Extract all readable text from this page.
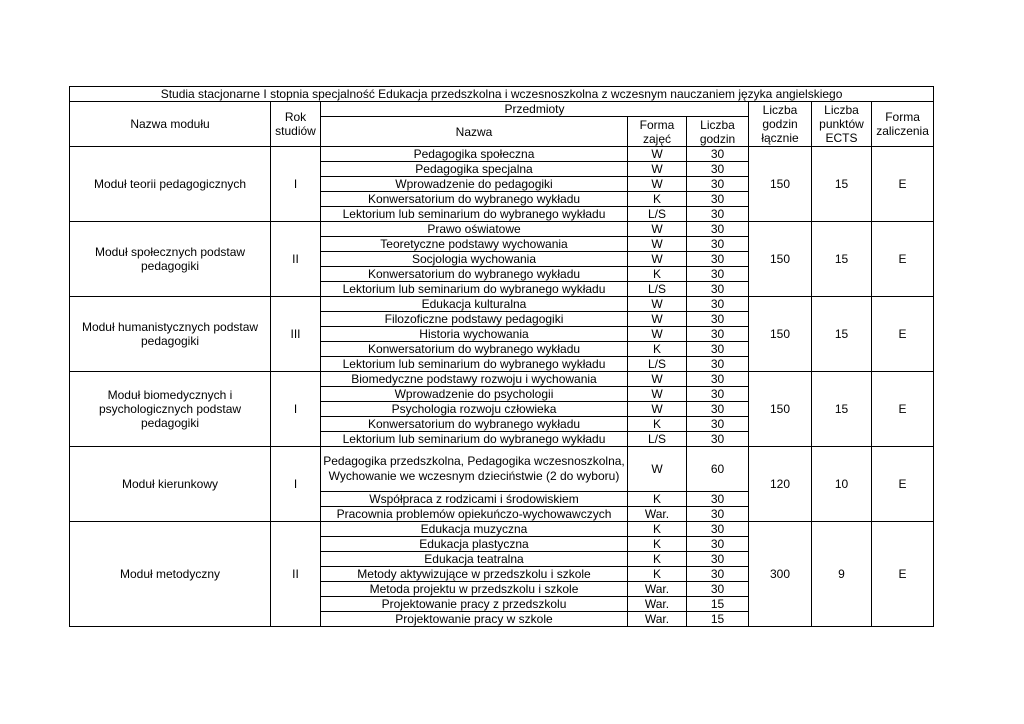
Studia stacjonarne I stopnia specjalność Edukacja przedszkolna i wczesnoszkolna z wczesnym nauczaniem języka angielskiego							
Nazwa modułu	Rok studiów	Przedmioty			Liczba godzin łącznie	Liczba punktów ECTS	Forma zaliczenia
		Nazwa	Forma zajęć	Liczba godzin			

Moduł teorii pedagogicznych	I	Pedagogika społeczna	W	30	150	15	E
		Pedagogika specjalna	W	30			
		Wprowadzenie do pedagogiki	W	30			
		Konwersatorium do wybranego wykładu	K	30			
		Lektorium lub seminarium do wybranego wykładu	L/S	30			
Moduł społecznych podstaw pedagogiki	II	Prawo oświatowe	W	30	150	15	E
		Teoretyczne podstawy wychowania	W	30			
		Socjologia wychowania	W	30			
		Konwersatorium do wybranego wykładu	K	30			
		Lektorium lub seminarium do wybranego wykładu	L/S	30			
Moduł humanistycznych podstaw pedagogiki	III	Edukacja kulturalna	W	30	150	15	E
		Filozoficzne podstawy pedagogiki	W	30			
		Historia wychowania	W	30			
		Konwersatorium do wybranego wykładu	K	30			
		Lektorium lub seminarium do wybranego wykładu	L/S	30			
Moduł biomedycznych i psychologicznych podstaw pedagogiki	I	Biomedyczne podstawy rozwoju i wychowania	W	30	150	15	E
		Wprowadzenie do psychologii	W	30			
		Psychologia rozwoju człowieka	W	30			
		Konwersatorium do wybranego wykładu	K	30			
		Lektorium lub seminarium do wybranego wykładu	L/S	30			
Moduł kierunkowy	I	Pedagogika przedszkolna, Pedagogika wczesnoszkolna, Wychowanie we wczesnym dzieciństwie (2 do wyboru)	W	60	120	10	E
		Współpraca z rodzicami i środowiskiem	K	30			
		Pracownia problemów opiekuńczo-wychowawczych	War.	30			
Moduł metodyczny	II	Edukacja muzyczna	K	30	300	9	E
		Edukacja plastyczna	K	30			
		Edukacja teatralna	K	30			
		Metody aktywizujące w przedszkolu i szkole	K	30			
		Metoda projektu w przedszkolu i szkole	War.	30			
		Projektowanie pracy z przedszkolu	War.	15			
		Projektowanie pracy w szkole	War.	15			
